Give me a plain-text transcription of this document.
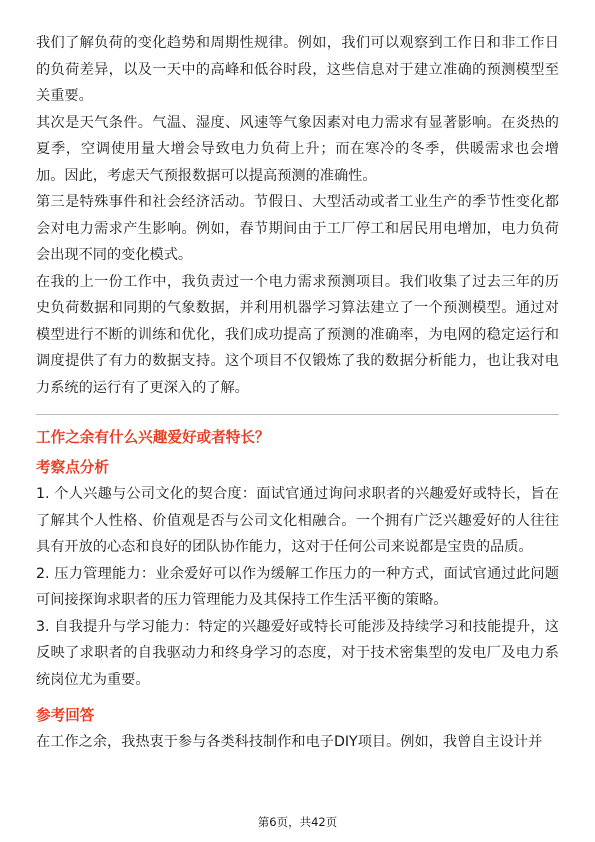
我们了解负荷的变化趋势和周期性规律。例如，我们可以观察到工作日和非工作日的负荷差异，以及一天中的高峰和低谷时段，这些信息对于建立准确的预测模型至关重要。

其次是天气条件。气温、湿度、风速等气象因素对电力需求有显著影响。在炎热的夏季，空调使用量大增会导致电力负荷上升；而在寒冷的冬季，供暖需求也会增加。因此，考虑天气预报数据可以提高预测的准确性。

第三是特殊事件和社会经济活动。节假日、大型活动或者工业生产的季节性变化都会对电力需求产生影响。例如，春节期间由于工厂停工和居民用电增加，电力负荷会出现不同的变化模式。

在我的上一份工作中，我负责过一个电力需求预测项目。我们收集了过去三年的历史负荷数据和同期的气象数据，并利用机器学习算法建立了一个预测模型。通过对模型进行不断的训练和优化，我们成功提高了预测的准确率，为电网的稳定运行和调度提供了有力的数据支持。这个项目不仅锻炼了我的数据分析能力，也让我对电力系统的运行有了更深入的了解。

工作之余有什么兴趣爱好或者特长？
考察点分析

1. 个人兴趣与公司文化的契合度：面试官通过询问求职者的兴趣爱好或特长，旨在了解其个人性格、价值观是否与公司文化相融合。一个拥有广泛兴趣爱好的人往往具有开放的心态和良好的团队协作能力，这对于任何公司来说都是宝贵的品质。

2. 压力管理能力：业余爱好可以作为缓解工作压力的一种方式，面试官通过此问题可间接探询求职者的压力管理能力及其保持工作生活平衡的策略。

3. 自我提升与学习能力：特定的兴趣爱好或特长可能涉及持续学习和技能提升，这反映了求职者的自我驱动力和终身学习的态度，对于技术密集型的发电厂及电力系统岗位尤为重要。

参考回答

在工作之余，我热衷于参与各类科技制作和电子DIY项目。例如，我曾自主设计并

第6页，共42页
